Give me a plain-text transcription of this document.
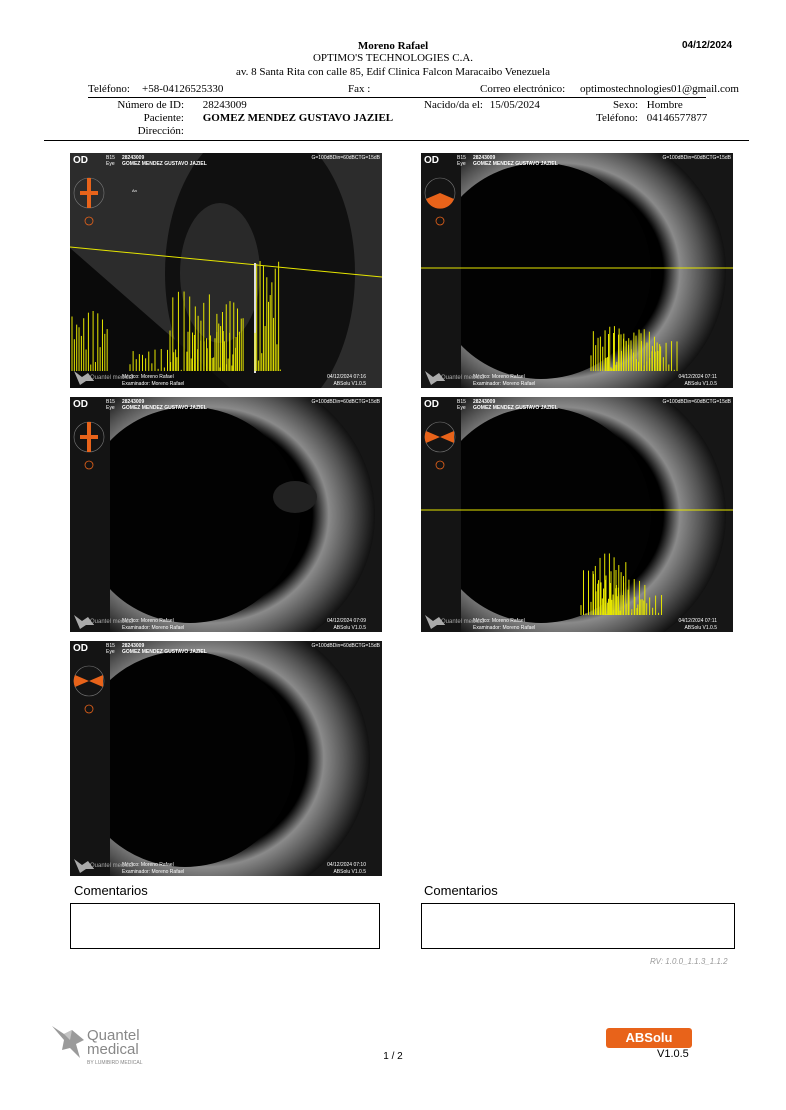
Moreno Rafael
OPTIMO'S TECHNOLOGIES C.A.
av. 8 Santa Rita con calle 85, Edif Clinica Falcon Maracaibo Venezuela
04/12/2024
Teléfono: +58-04126525330	Fax :	Correo electrónico: optimostechnologies01@gmail.com
Número de ID: 28243009
Paciente: GOMEZ MENDEZ GUSTAVO JAZIEL
Dirección:
Nacido/da el: 15/05/2024	Sexo: Hombre
Teléfono: 04146577877
OD	B15
Eye
28243009
GOMEZ MENDEZ GUSTAVO JAZIEL
G=100dBDin=60dBCTG=15dB
Médico: Moreno Rafael
Examinador: Moreno Rafael
04/12/2024 07:16
ABSolu V1.0.5
Quantel medical
An
OD	B15
Eye
28243009
GOMEZ MENDEZ GUSTAVO JAZIEL
G=100dBDin=60dBCTG=15dB
Médico: Moreno Rafael
Examinador: Moreno Rafael
04/12/2024 07:11
ABSolu V1.0.5
Quantel medical
OD	B15
Eye
28243009
GOMEZ MENDEZ GUSTAVO JAZIEL
G=100dBDin=60dBCTG=15dB
Médico: Moreno Rafael
Examinador: Moreno Rafael
04/12/2024 07:09
ABSolu V1.0.5
Quantel medical
OD	B15
Eye
28243009
GOMEZ MENDEZ GUSTAVO JAZIEL
G=100dBDin=60dBCTG=15dB
Médico: Moreno Rafael
Examinador: Moreno Rafael
04/12/2024 07:11
ABSolu V1.0.5
Quantel medical
OD	B15
Eye
28243009
GOMEZ MENDEZ GUSTAVO JAZIEL
G=100dBDin=60dBCTG=15dB
Médico: Moreno Rafael
Examinador: Moreno Rafael
04/12/2024 07:10
ABSolu V1.0.5
Quantel medical
Comentarios	Comentarios
RV: 1.0.0_1.1.3_1.1.2
Quantel
medical
BY LUMIBIRD MEDICAL
1 / 2
ABSolu
V1.0.5
